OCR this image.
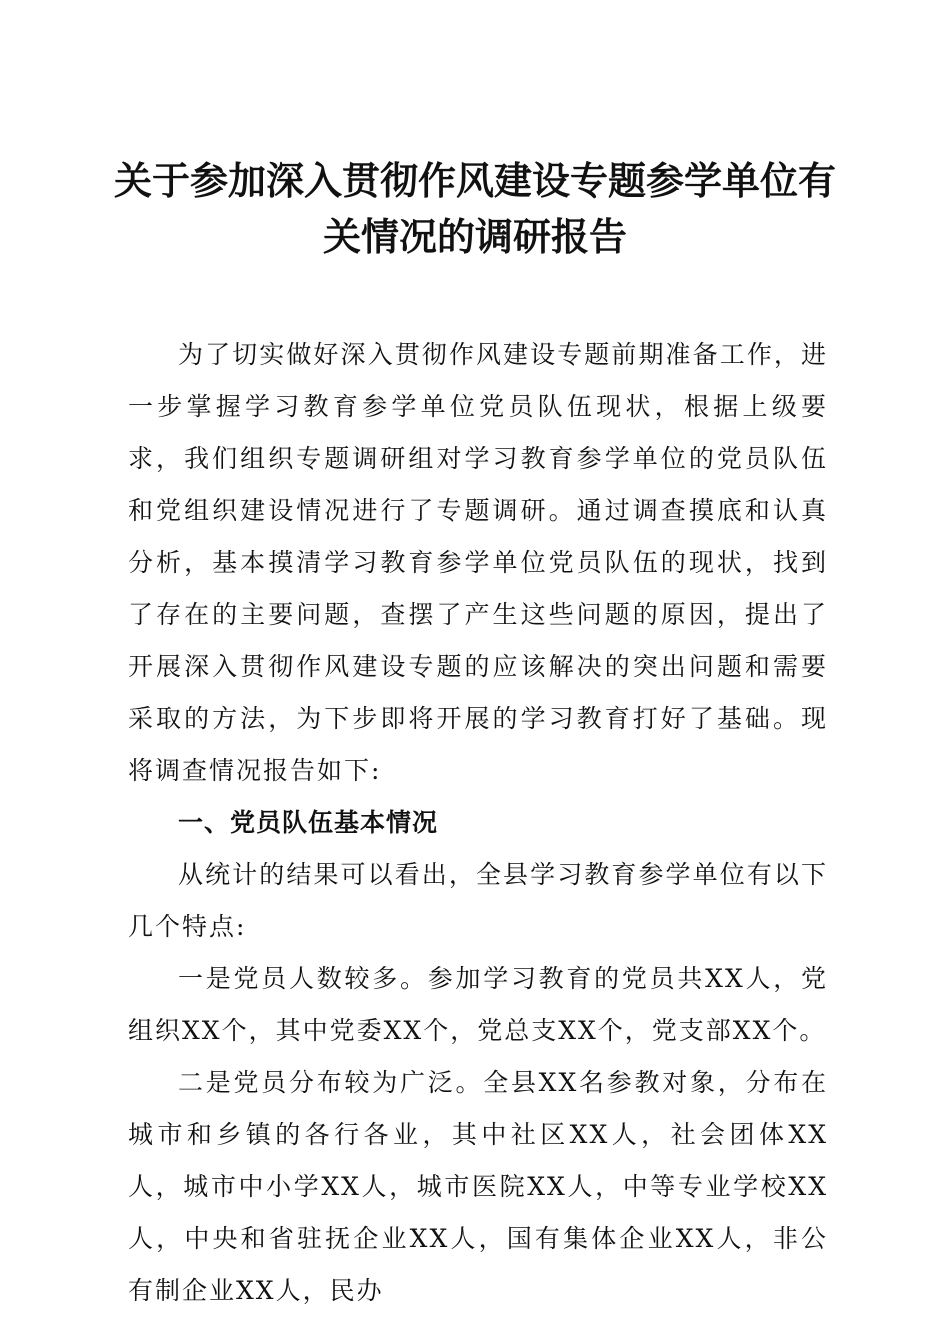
关于参加深入贯彻作风建设专题参学单位有关情况的调研报告

为了切实做好深入贯彻作风建设专题前期准备工作，进一步掌握学习教育参学单位党员队伍现状，根据上级要求，我们组织专题调研组对学习教育参学单位的党员队伍和党组织建设情况进行了专题调研。通过调查摸底和认真分析，基本摸清学习教育参学单位党员队伍的现状，找到了存在的主要问题，查摆了产生这些问题的原因，提出了开展深入贯彻作风建设专题的应该解决的突出问题和需要采取的方法，为下步即将开展的学习教育打好了基础。现将调查情况报告如下:

一、党员队伍基本情况

从统计的结果可以看出，全县学习教育参学单位有以下几个特点:

一是党员人数较多。参加学习教育的党员共XX人，党组织XX个，其中党委XX个，党总支XX个，党支部XX个。

二是党员分布较为广泛。全县XX名参教对象，分布在城市和乡镇的各行各业，其中社区XX人，社会团体XX人，城市中小学XX人，城市医院XX人，中等专业学校XX人，中央和省驻抚企业XX人，国有集体企业XX人，非公有制企业XX人，民办
